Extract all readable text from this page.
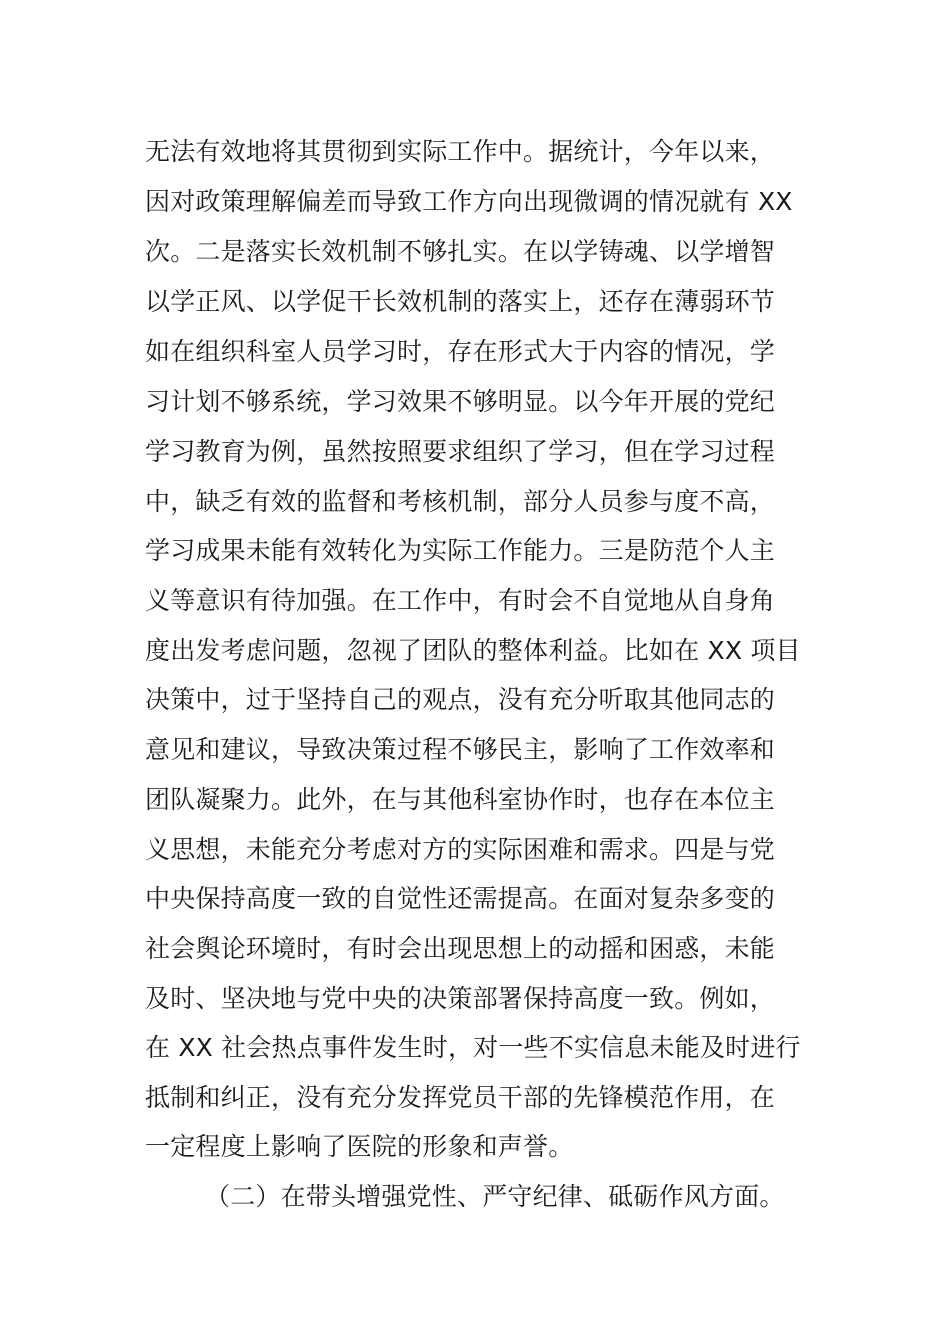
无法有效地将其贯彻到实际工作中。据统计，今年以来，
因对政策理解偏差而导致工作方向出现微调的情况就有 XX
次。二是落实长效机制不够扎实。在以学铸魂、以学增智
以学正风、以学促干长效机制的落实上，还存在薄弱环节
如在组织科室人员学习时，存在形式大于内容的情况，学
习计划不够系统，学习效果不够明显。以今年开展的党纪
学习教育为例，虽然按照要求组织了学习，但在学习过程
中，缺乏有效的监督和考核机制，部分人员参与度不高，
学习成果未能有效转化为实际工作能力。三是防范个人主
义等意识有待加强。在工作中，有时会不自觉地从自身角
度出发考虑问题，忽视了团队的整体利益。比如在 XX 项目
决策中，过于坚持自己的观点，没有充分听取其他同志的
意见和建议，导致决策过程不够民主，影响了工作效率和
团队凝聚力。此外，在与其他科室协作时，也存在本位主
义思想，未能充分考虑对方的实际困难和需求。四是与党
中央保持高度一致的自觉性还需提高。在面对复杂多变的
社会舆论环境时，有时会出现思想上的动摇和困惑，未能
及时、坚决地与党中央的决策部署保持高度一致。例如，
在 XX 社会热点事件发生时，对一些不实信息未能及时进行
抵制和纠正，没有充分发挥党员干部的先锋模范作用，在
一定程度上影响了医院的形象和声誉。
（二）在带头增强党性、严守纪律、砥砺作风方面。
